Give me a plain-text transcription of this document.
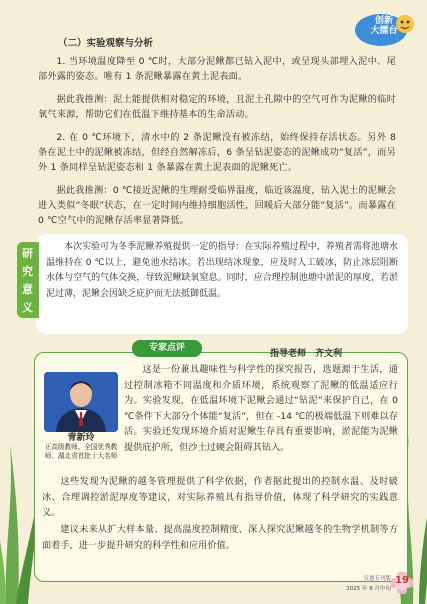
创新
大擂台
（二）实验观察与分析

1. 当环境温度降至 0 ℃时，大部分泥鳅都已钻入泥中，或呈现头部埋入泥中、尾部外露的姿态。唯有 1 条泥鳅暴露在黄土泥表面。

据此我推测：泥土能提供相对稳定的环境，且泥土孔隙中的空气可作为泥鳅的临时氧气来源，帮助它们在低温下维持基本的生命活动。

2. 在 0 ℃环境下，清水中的 2 条泥鳅没有被冻结，始终保持存活状态。另外 8 条在泥土中的泥鳅被冻结，但经自然解冻后，6 条呈钻泥姿态的泥鳅成功“复活”，而另外 1 条同样呈钻泥姿态和 1 条暴露在黄土泥表面的泥鳅死亡。

据此我推测：0 ℃接近泥鳅的生理耐受临界温度，临近该温度，钻入泥土的泥鳅会进入类似“冬眠”状态，在一定时间内维持细胞活性，回暖后大部分能“复活”。而暴露在 0 ℃空气中的泥鳅存活率显著降低。

研
究
意
义

本次实验可为冬季泥鳅养殖提供一定的指导：在实际养殖过程中，养殖者需将池塘水温维持在 0 ℃以上，避免池水结冰。若出现结冰现象，应及时人工破冰，防止冰层阻断水体与空气的气体交换，导致泥鳅缺氧窒息。同时，应合理控制池塘中淤泥的厚度，若淤泥过薄，泥鳅会因缺乏庇护而无法抵御低温。

专家点评
指导老师　齐文利
青新玲
正高级教师、全国优秀教师、湖北省首批十大名师

这是一份兼具趣味性与科学性的探究报告，选题源于生活，通过控制冰箱不同温度和介质环境，系统观察了泥鳅的低温适应行为。实验发现，在低温环境下泥鳅会通过“钻泥”来保护自己，在 0 ℃条件下大部分个体能“复活”，但在 -14 ℃的极端低温下则难以存活。实验还发现环境介质对泥鳅生存具有重要影响，淤泥能为泥鳅提供庇护所，但沙土过硬会阻碍其钻入。

这些发现为泥鳅的越冬管理提供了科学依据，作者据此提出的控制水温、及时破冰、合理调控淤泥厚度等建议，对实际养殖具有指导价值，体现了科学研究的实践意义。

建议未来从扩大样本量、提高温度控制精度、深入探究泥鳅越冬的生物学机制等方面着手，进一步提升研究的科学性和应用价值。

宣恩专刊版
2025 年 8 月中旬
19
